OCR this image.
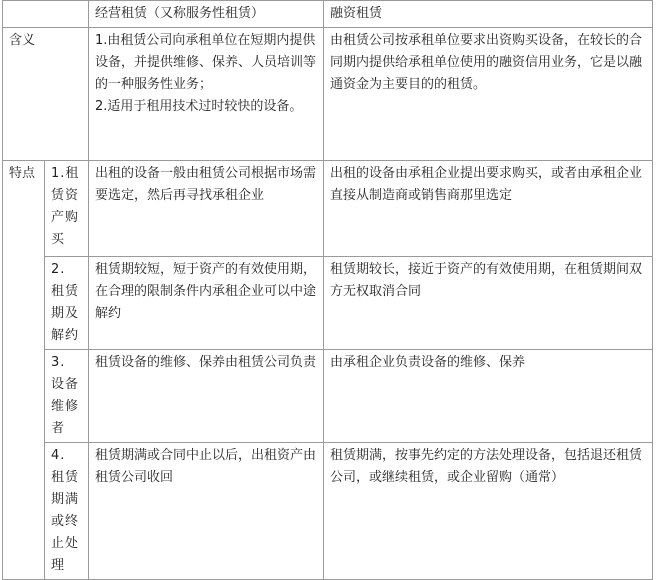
		经营租赁（又称服务性租赁）	融资租赁
含义		1.由租赁公司向承租单位在短期内提供设备，并提供维修、保养、人员培训等的一种服务性业务；
2.适用于租用技术过时较快的设备。	由租赁公司按承租单位要求出资购买设备，在较长的合同期内提供给承租单位使用的融资信用业务，它是以融通资金为主要目的的租赁。
特点	1.租赁资产购买	出租的设备一般由租赁公司根据市场需要选定，然后再寻找承租企业	出租的设备由承租企业提出要求购买，或者由承租企业直接从制造商或销售商那里选定
	2. 租赁期及解约	租赁期较短，短于资产的有效使用期，在合理的限制条件内承租企业可以中途解约	租赁期较长，接近于资产的有效使用期，在租赁期间双方无权取消合同
	3. 设备维修者	租赁设备的维修、保养由租赁公司负责	由承租企业负责设备的维修、保养
	4. 租赁期满或终止处理	租赁期满或合同中止以后，出租资产由租赁公司收回	租赁期满，按事先约定的方法处理设备，包括退还租赁公司，或继续租赁，或企业留购（通常）
